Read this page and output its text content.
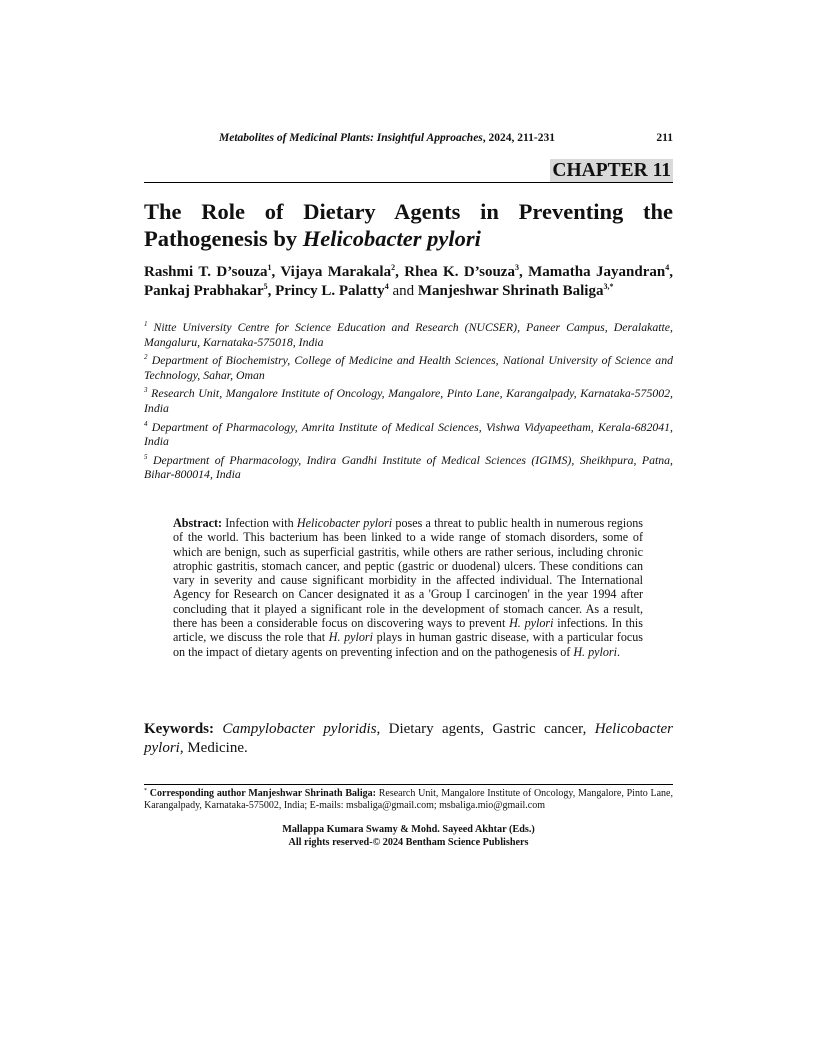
Metabolites of Medicinal Plants: Insightful Approaches, 2024, 211-231	211
CHAPTER 11
The Role of Dietary Agents in Preventing the
Pathogenesis by Helicobacter pylori
Rashmi T. D’souza$^1$, Vijaya Marakala$^2$, Rhea K. D’souza$^3$, Mamatha Jayandran$^4$, Pankaj Prabhakar$^5$, Princy L. Palatty$^4$ and Manjeshwar Shrinath Baliga$^{3,*}$
$^1$ Nitte University Centre for Science Education and Research (NUCSER), Paneer Campus, Deralakatte, Mangaluru, Karnataka-575018, India
$^2$ Department of Biochemistry, College of Medicine and Health Sciences, National University of Science and Technology, Sahar, Oman
$^3$ Research Unit, Mangalore Institute of Oncology, Mangalore, Pinto Lane, Karangalpady, Karnataka-575002, India
$^4$ Department of Pharmacology, Amrita Institute of Medical Sciences, Vishwa Vidyapeetham, Kerala-682041, India
$^5$ Department of Pharmacology, Indira Gandhi Institute of Medical Sciences (IGIMS), Sheikhpura, Patna, Bihar-800014, India
Abstract: Infection with Helicobacter pylori poses a threat to public health in numerous regions of the world. This bacterium has been linked to a wide range of stomach disorders, some of which are benign, such as superficial gastritis, while others are rather serious, including chronic atrophic gastritis, stomach cancer, and peptic (gastric or duodenal) ulcers. These conditions can vary in severity and cause significant morbidity in the affected individual. The International Agency for Research on Cancer designated it as a 'Group I carcinogen' in the year 1994 after concluding that it played a significant role in the development of stomach cancer. As a result, there has been a considerable focus on discovering ways to prevent H. pylori infections. In this article, we discuss the role that H. pylori plays in human gastric disease, with a particular focus on the impact of dietary agents on preventing infection and on the pathogenesis of H. pylori.
Keywords: Campylobacter pyloridis, Dietary agents, Gastric cancer, Helicobacter pylori, Medicine.
* Corresponding author Manjeshwar Shrinath Baliga: Research Unit, Mangalore Institute of Oncology, Mangalore, Pinto Lane, Karangalpady, Karnataka-575002, India; E-mails: msbaliga@gmail.com; msbaliga.mio@gmail.com
Mallappa Kumara Swamy & Mohd. Sayeed Akhtar (Eds.)
All rights reserved-© 2024 Bentham Science Publishers
